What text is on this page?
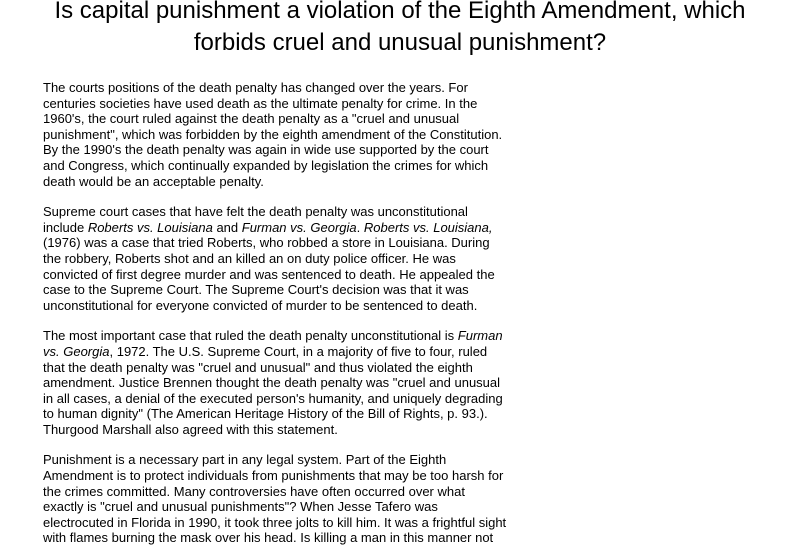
Is capital punishment a violation of the Eighth Amendment, which
forbids cruel and unusual punishment?

The courts positions of the death penalty has changed over the years. For
centuries societies have used death as the ultimate penalty for crime. In the
1960's, the court ruled against the death penalty as a "cruel and unusual
punishment", which was forbidden by the eighth amendment of the Constitution.
By the 1990's the death penalty was again in wide use supported by the court
and Congress, which continually expanded by legislation the crimes for which
death would be an acceptable penalty.

Supreme court cases that have felt the death penalty was unconstitutional
include Roberts vs. Louisiana and Furman vs. Georgia. Roberts vs. Louisiana,
(1976) was a case that tried Roberts, who robbed a store in Louisiana. During
the robbery, Roberts shot and an killed an on duty police officer. He was
convicted of first degree murder and was sentenced to death. He appealed the
case to the Supreme Court. The Supreme Court's decision was that it was
unconstitutional for everyone convicted of murder to be sentenced to death.

The most important case that ruled the death penalty unconstitutional is Furman
vs. Georgia, 1972. The U.S. Supreme Court, in a majority of five to four, ruled
that the death penalty was "cruel and unusual" and thus violated the eighth
amendment. Justice Brennen thought the death penalty was "cruel and unusual
in all cases, a denial of the executed person's humanity, and uniquely degrading
to human dignity" (The American Heritage History of the Bill of Rights, p. 93.).
Thurgood Marshall also agreed with this statement.

Punishment is a necessary part in any legal system. Part of the Eighth
Amendment is to protect individuals from punishments that may be too harsh for
the crimes committed. Many controversies have often occurred over what
exactly is "cruel and unusual punishments"? When Jesse Tafero was
electrocuted in Florida in 1990, it took three jolts to kill him. It was a frightful sight
with flames burning the mask over his head. Is killing a man in this manner not
